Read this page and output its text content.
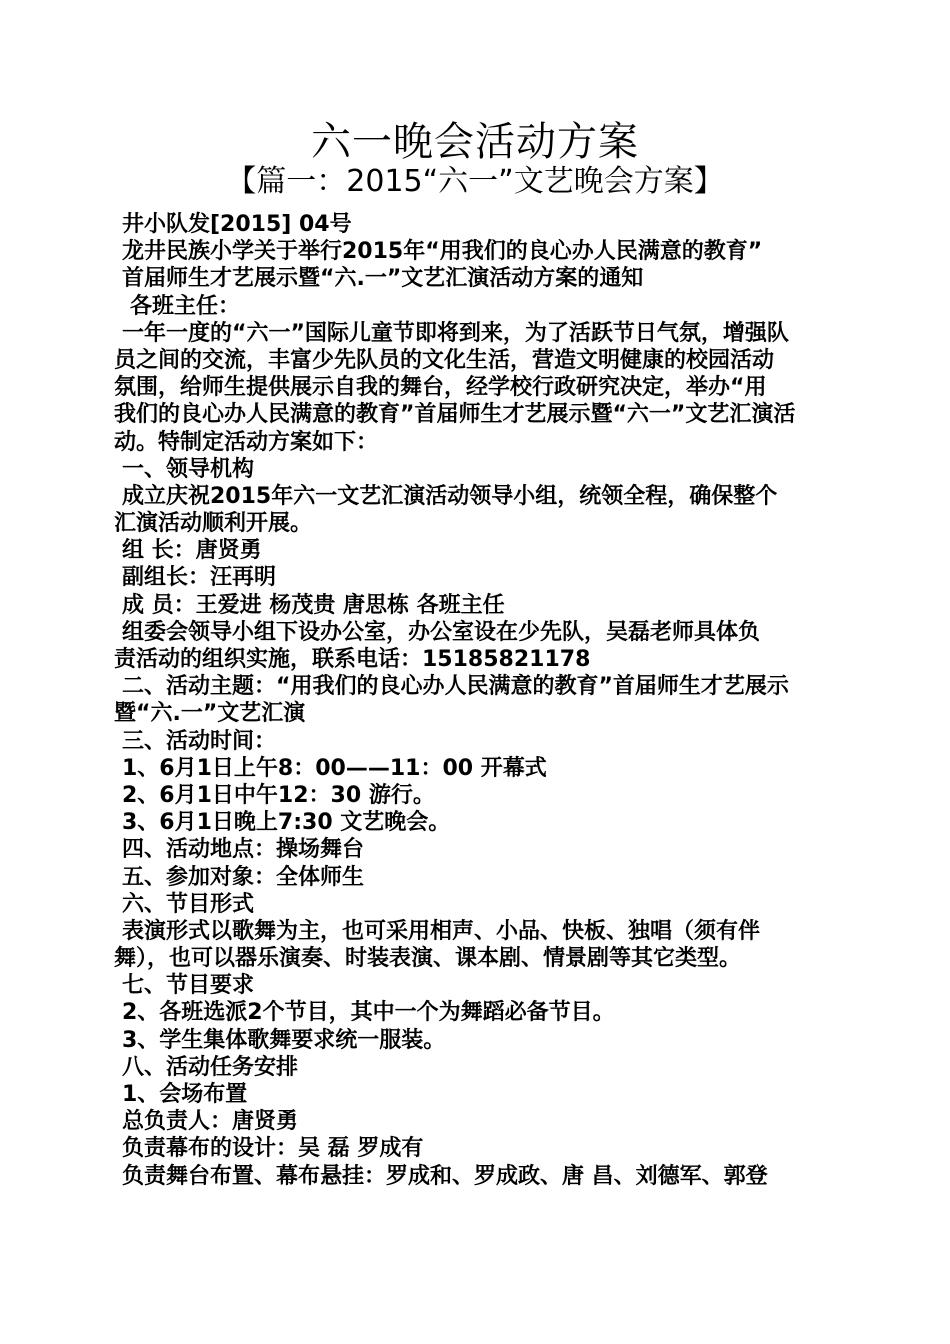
六一晚会活动方案
【篇一：2015“六一”文艺晚会方案】
井小队发[2015] 04号
龙井民族小学关于举行2015年“用我们的良心办人民满意的教育”
首届师生才艺展示暨“六.一”文艺汇演活动方案的通知
各班主任：
一年一度的“六一”国际儿童节即将到来，为了活跃节日气氛，增强队
员之间的交流，丰富少先队员的文化生活，营造文明健康的校园活动
氛围，给师生提供展示自我的舞台，经学校行政研究决定，举办“用
我们的良心办人民满意的教育”首届师生才艺展示暨“六一”文艺汇演活
动。特制定活动方案如下：
一、领导机构
成立庆祝2015年六一文艺汇演活动领导小组，统领全程，确保整个
汇演活动顺利开展。
组 长：唐贤勇
副组长：汪再明
成 员：王爱进 杨茂贵 唐思栋 各班主任
组委会领导小组下设办公室，办公室设在少先队，吴磊老师具体负
责活动的组织实施，联系电话：15185821178
二、活动主题：“用我们的良心办人民满意的教育”首届师生才艺展示
暨“六.一”文艺汇演
三、活动时间：
1、6月1日上午8：00——11：00 开幕式
2、6月1日中午12：30 游行。
3、6月1日晚上7:30 文艺晚会。
四、活动地点：操场舞台
五、参加对象：全体师生
六、节目形式
表演形式以歌舞为主，也可采用相声、小品、快板、独唱（须有伴
舞），也可以器乐演奏、时装表演、课本剧、情景剧等其它类型。
七、节目要求
2、各班选派2个节目，其中一个为舞蹈必备节目。
3、学生集体歌舞要求统一服装。
八、活动任务安排
1、会场布置
总负责人：唐贤勇
负责幕布的设计：吴 磊 罗成有
负责舞台布置、幕布悬挂：罗成和、罗成政、唐 昌、刘德军、郭登
